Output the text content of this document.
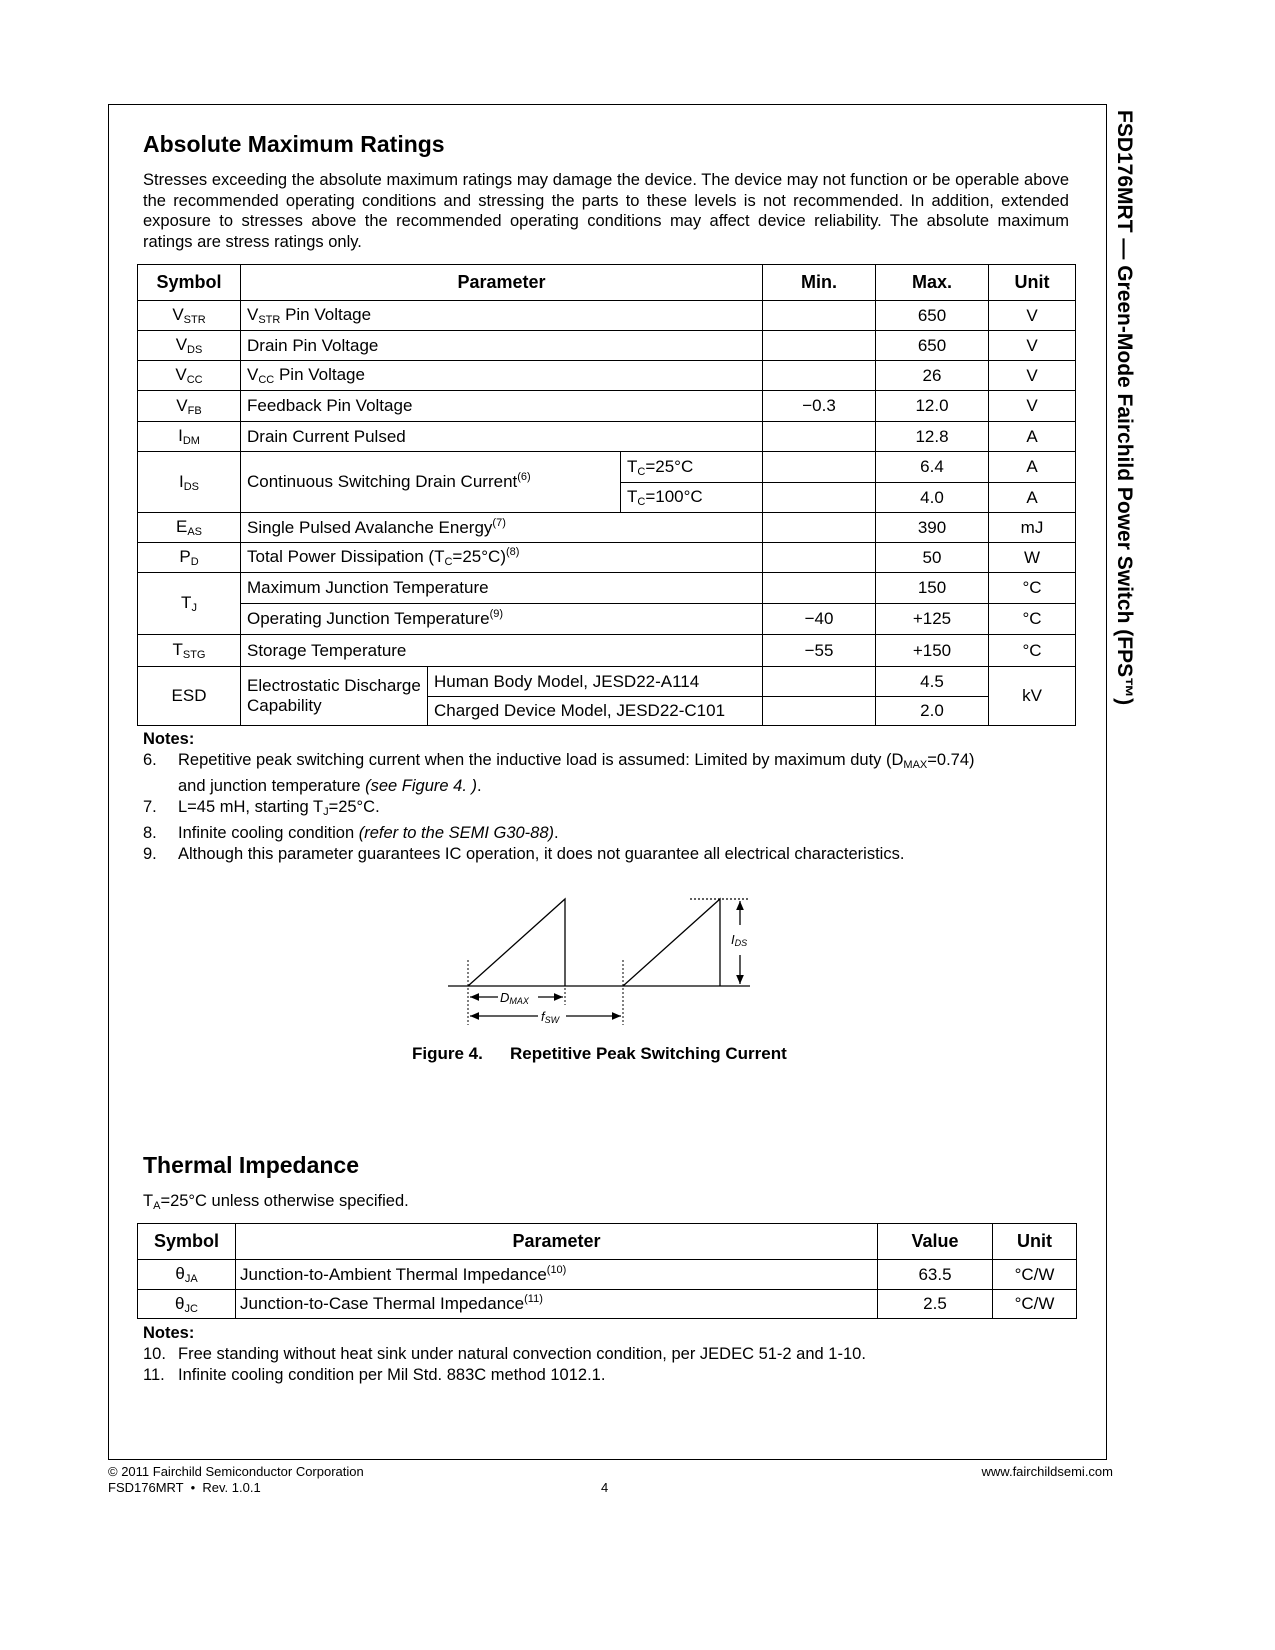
FSD176MRT — Green-Mode Fairchild Power Switch (FPS™)
Absolute Maximum Ratings
Stresses exceeding the absolute maximum ratings may damage the device. The device may not function or be operable above the recommended operating conditions and stressing the parts to these levels is not recommended. In addition, extended exposure to stresses above the recommended operating conditions may affect device reliability. The absolute maximum ratings are stress ratings only.
Symbol	Parameter			Min.	Max.	Unit
$V_{STR}$	$V_{STR}$ Pin Voltage				650	V
$V_{DS}$	Drain Pin Voltage				650	V
$V_{CC}$	$V_{CC}$ Pin Voltage				26	V
$V_{FB}$	Feedback Pin Voltage			−0.3	12.0	V
$I_{DM}$	Drain Current Pulsed				12.8	A
$I_{DS}$	Continuous Switching Drain Current$^{(6)}$		$T_C=25^\circ C$		6.4	A
			$T_C=100^\circ C$		4.0	A
$E_{AS}$	Single Pulsed Avalanche Energy$^{(7)}$				390	mJ
$P_D$	Total Power Dissipation $(T_C=25^\circ C)^{(8)}$				50	W
$T_J$	Maximum Junction Temperature				150	°C
	Operating Junction Temperature$^{(9)}$			−40	+125	°C
$T_{STG}$	Storage Temperature			−55	+150	°C
ESD	Electrostatic Discharge Capability	Human Body Model, JESD22-A114			4.5	kV
		Charged Device Model, JESD22-C101			2.0	
Notes:
6. Repetitive peak switching current when the inductive load is assumed: Limited by maximum duty $(D_{MAX}=0.74)$
and junction temperature (see Figure 4. ).
7. L=45 mH, starting $T_J=25^\circ C$.
8. Infinite cooling condition (refer to the SEMI G30-88).
9. Although this parameter guarantees IC operation, it does not guarantee all electrical characteristics.
IDS
DMAX
fSW
Figure 4. Repetitive Peak Switching Current
Thermal Impedance
$T_A=25^\circ C$ unless otherwise specified.
Symbol	Parameter	Value	Unit
$\theta_{JA}$	Junction-to-Ambient Thermal Impedance$^{(10)}$	63.5	°C/W
$\theta_{JC}$	Junction-to-Case Thermal Impedance$^{(11)}$	2.5	°C/W
Notes:
10. Free standing without heat sink under natural convection condition, per JEDEC 51-2 and 1-10.
11. Infinite cooling condition per Mil Std. 883C method 1012.1.
© 2011 Fairchild Semiconductor Corporation
FSD176MRT  •  Rev. 1.0.1	4
www.fairchildsemi.com
